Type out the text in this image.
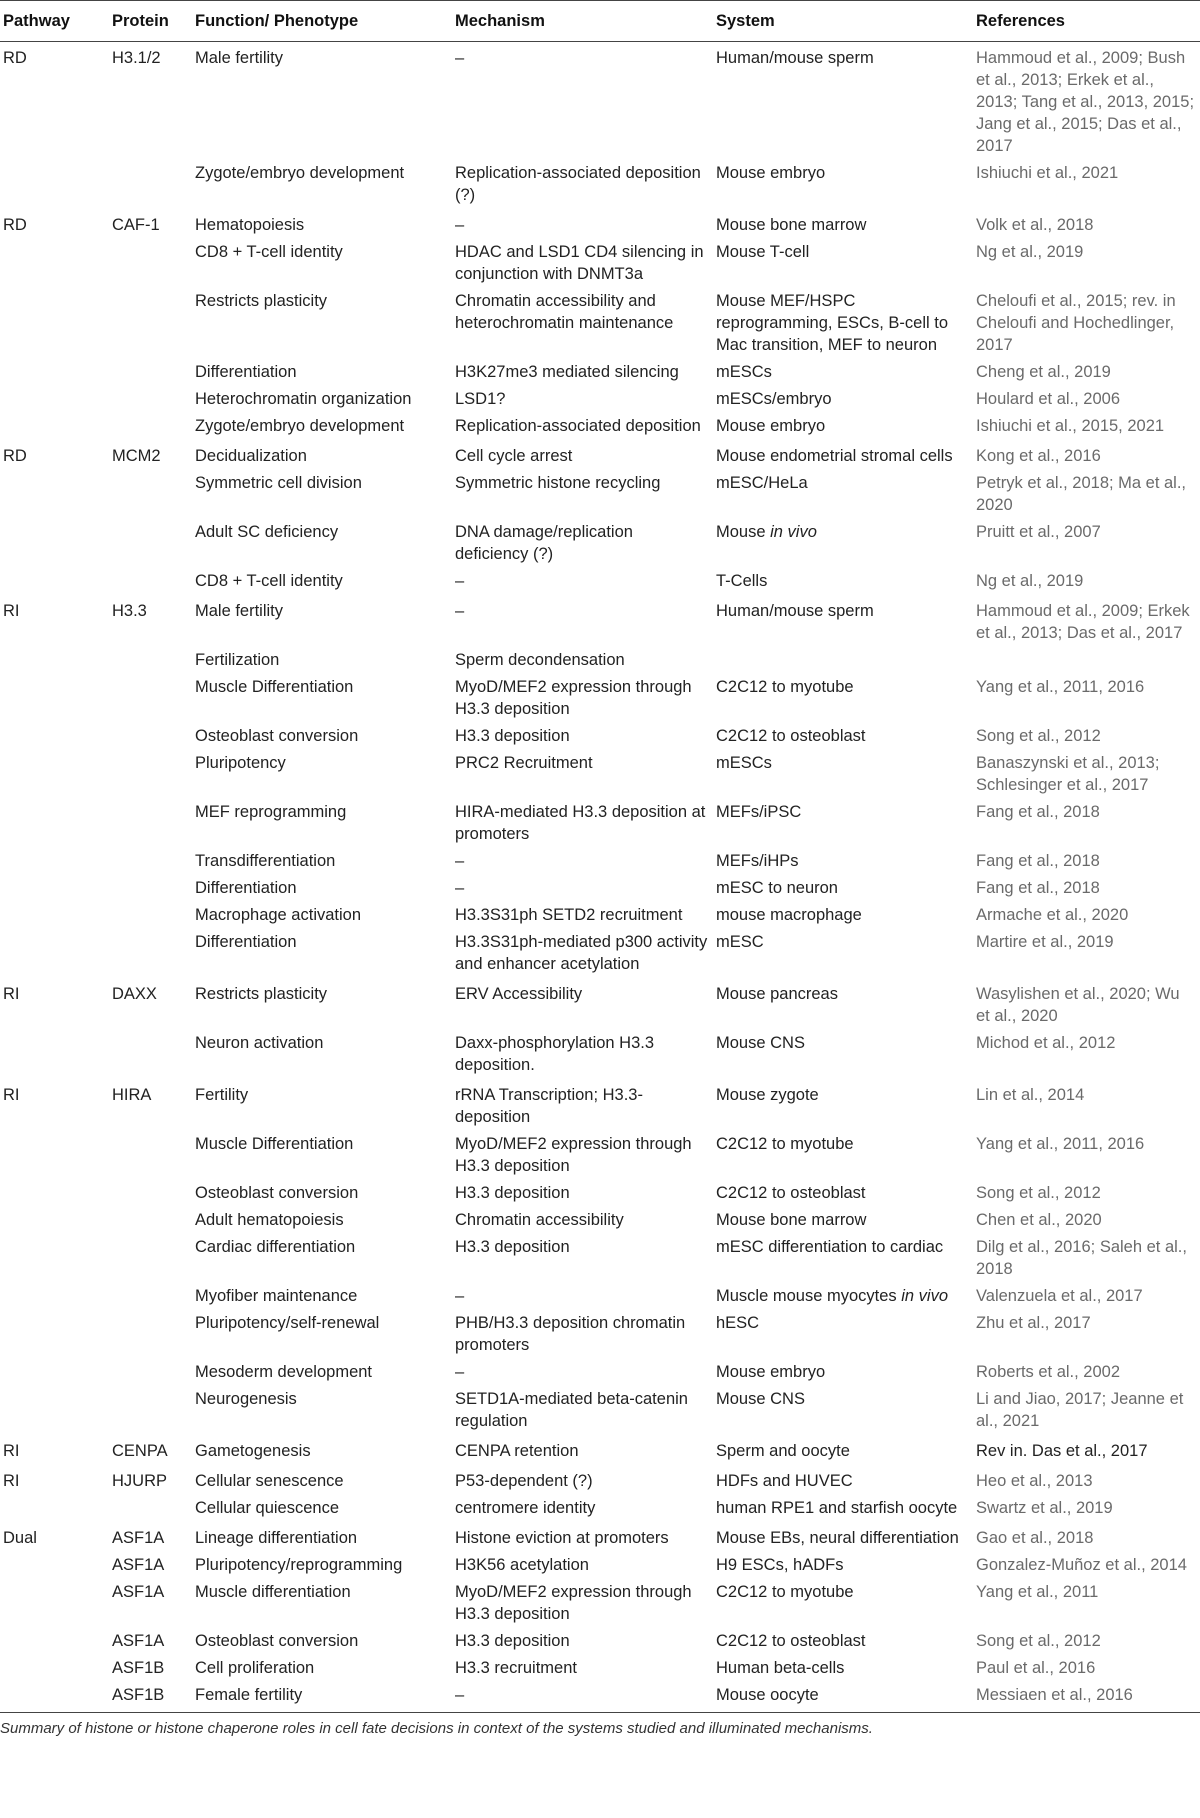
Pathway	Protein	Function/ Phenotype	Mechanism	System	References
RD	H3.1/2	Male fertility	–	Human/mouse sperm	Hammoud et al., 2009; Bush et al., 2013; Erkek et al., 2013; Tang et al., 2013, 2015; Jang et al., 2015; Das et al., 2017
		Zygote/embryo development	Replication-associated deposition (?)	Mouse embryo	Ishiuchi et al., 2021
RD	CAF-1	Hematopoiesis	–	Mouse bone marrow	Volk et al., 2018
		CD8 + T-cell identity	HDAC and LSD1 CD4 silencing in conjunction with DNMT3a	Mouse T-cell	Ng et al., 2019
		Restricts plasticity	Chromatin accessibility and heterochromatin maintenance	Mouse MEF/HSPC reprogramming, ESCs, B-cell to Mac transition, MEF to neuron	Cheloufi et al., 2015; rev. in Cheloufi and Hochedlinger, 2017
		Differentiation	H3K27me3 mediated silencing	mESCs	Cheng et al., 2019
		Heterochromatin organization	LSD1?	mESCs/embryo	Houlard et al., 2006
		Zygote/embryo development	Replication-associated deposition	Mouse embryo	Ishiuchi et al., 2015, 2021
RD	MCM2	Decidualization	Cell cycle arrest	Mouse endometrial stromal cells	Kong et al., 2016
		Symmetric cell division	Symmetric histone recycling	mESC/HeLa	Petryk et al., 2018; Ma et al., 2020
		Adult SC deficiency	DNA damage/replication deficiency (?)	Mouse in vivo	Pruitt et al., 2007
		CD8 + T-cell identity	–	T-Cells	Ng et al., 2019
RI	H3.3	Male fertility	–	Human/mouse sperm	Hammoud et al., 2009; Erkek et al., 2013; Das et al., 2017
		Fertilization	Sperm decondensation		
		Muscle Differentiation	MyoD/MEF2 expression through H3.3 deposition	C2C12 to myotube	Yang et al., 2011, 2016
		Osteoblast conversion	H3.3 deposition	C2C12 to osteoblast	Song et al., 2012
		Pluripotency	PRC2 Recruitment	mESCs	Banaszynski et al., 2013; Schlesinger et al., 2017
		MEF reprogramming	HIRA-mediated H3.3 deposition at promoters	MEFs/iPSC	Fang et al., 2018
		Transdifferentiation	–	MEFs/iHPs	Fang et al., 2018
		Differentiation	–	mESC to neuron	Fang et al., 2018
		Macrophage activation	H3.3S31ph SETD2 recruitment	mouse macrophage	Armache et al., 2020
		Differentiation	H3.3S31ph-mediated p300 activity and enhancer acetylation	mESC	Martire et al., 2019
RI	DAXX	Restricts plasticity	ERV Accessibility	Mouse pancreas	Wasylishen et al., 2020; Wu et al., 2020
		Neuron activation	Daxx-phosphorylation H3.3 deposition.	Mouse CNS	Michod et al., 2012
RI	HIRA	Fertility	rRNA Transcription; H3.3-deposition	Mouse zygote	Lin et al., 2014
		Muscle Differentiation	MyoD/MEF2 expression through H3.3 deposition	C2C12 to myotube	Yang et al., 2011, 2016
		Osteoblast conversion	H3.3 deposition	C2C12 to osteoblast	Song et al., 2012
		Adult hematopoiesis	Chromatin accessibility	Mouse bone marrow	Chen et al., 2020
		Cardiac differentiation	H3.3 deposition	mESC differentiation to cardiac	Dilg et al., 2016; Saleh et al., 2018
		Myofiber maintenance	–	Muscle mouse myocytes in vivo	Valenzuela et al., 2017
		Pluripotency/self-renewal	PHB/H3.3 deposition chromatin promoters	hESC	Zhu et al., 2017
		Mesoderm development	–	Mouse embryo	Roberts et al., 2002
		Neurogenesis	SETD1A-mediated beta-catenin regulation	Mouse CNS	Li and Jiao, 2017; Jeanne et al., 2021
RI	CENPA	Gametogenesis	CENPA retention	Sperm and oocyte	Rev in. Das et al., 2017
RI	HJURP	Cellular senescence	P53-dependent (?)	HDFs and HUVEC	Heo et al., 2013
		Cellular quiescence	centromere identity	human RPE1 and starfish oocyte	Swartz et al., 2019
Dual	ASF1A	Lineage differentiation	Histone eviction at promoters	Mouse EBs, neural differentiation	Gao et al., 2018
	ASF1A	Pluripotency/reprogramming	H3K56 acetylation	H9 ESCs, hADFs	Gonzalez-Muñoz et al., 2014
	ASF1A	Muscle differentiation	MyoD/MEF2 expression through H3.3 deposition	C2C12 to myotube	Yang et al., 2011
	ASF1A	Osteoblast conversion	H3.3 deposition	C2C12 to osteoblast	Song et al., 2012
	ASF1B	Cell proliferation	H3.3 recruitment	Human beta-cells	Paul et al., 2016
	ASF1B	Female fertility	–	Mouse oocyte	Messiaen et al., 2016
Summary of histone or histone chaperone roles in cell fate decisions in context of the systems studied and illuminated mechanisms.
